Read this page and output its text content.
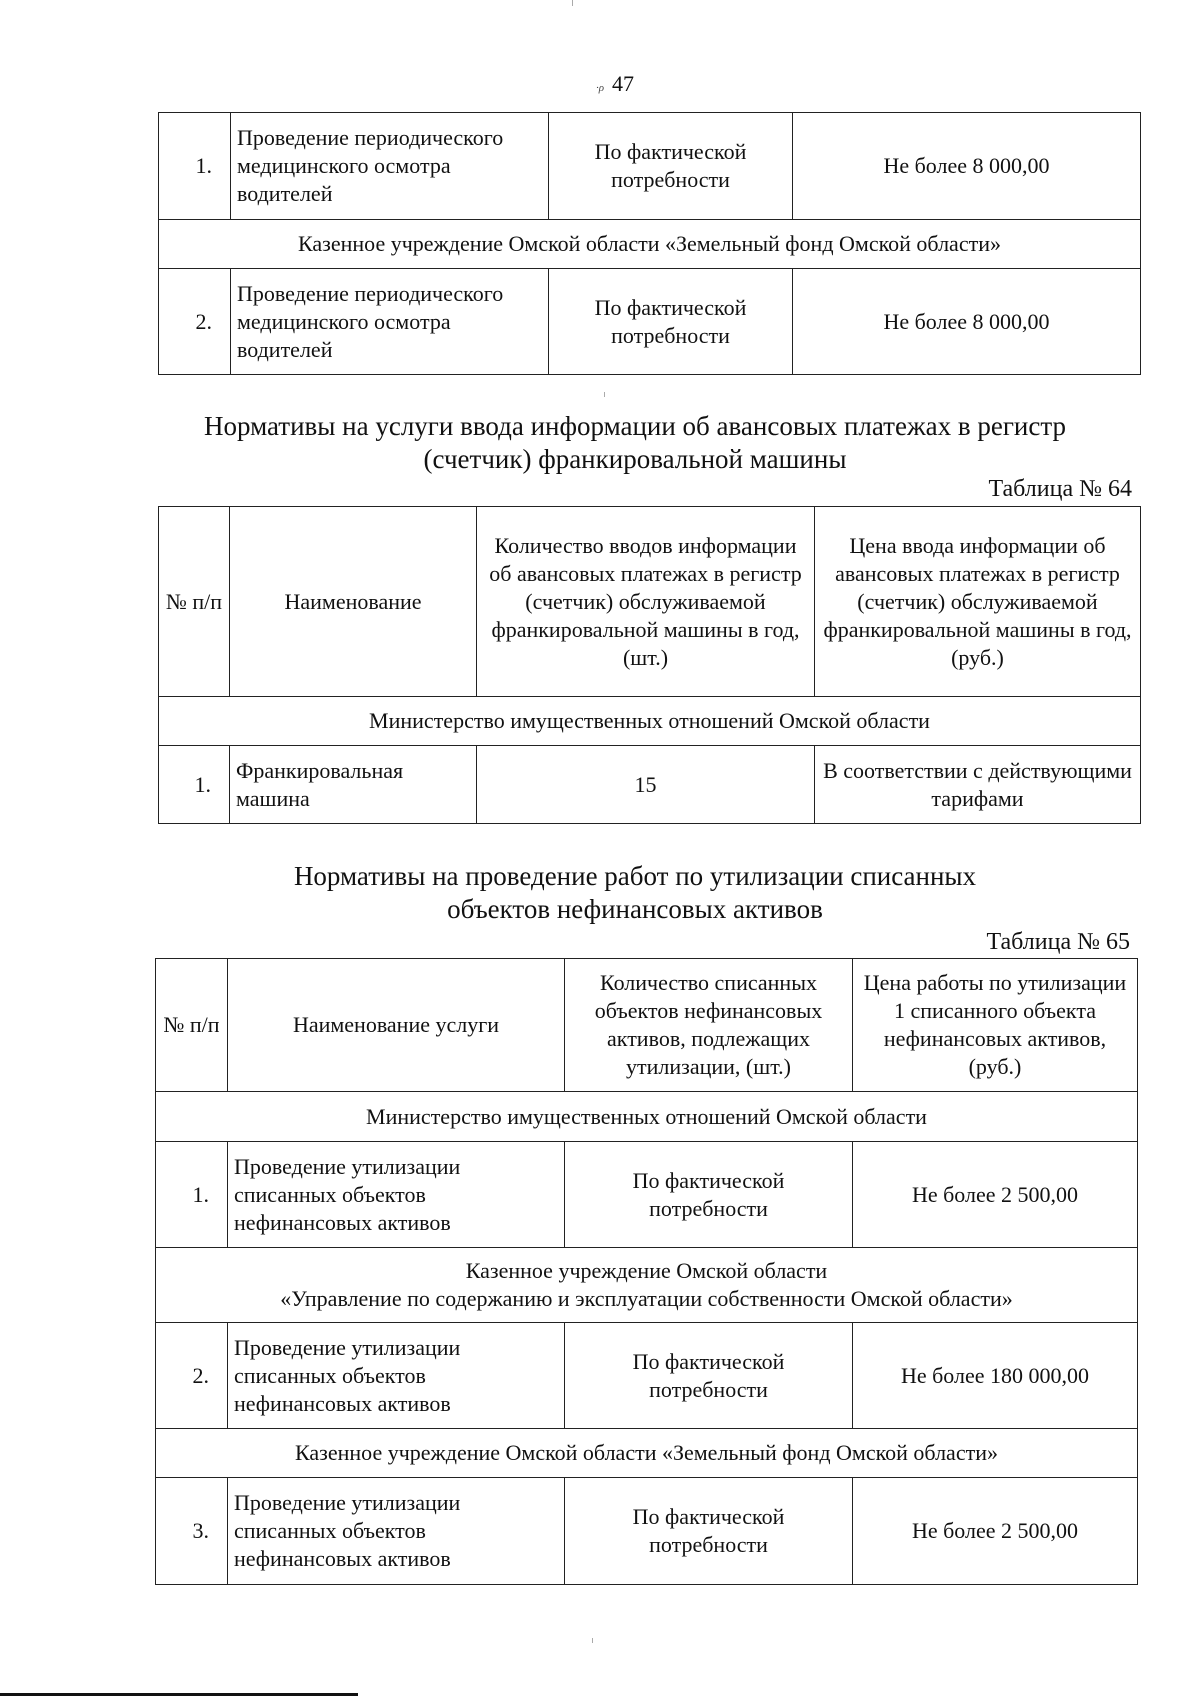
·ρ 47
1.	Проведение периодического медицинского осмотра водителей	По фактической потребности	Не более 8 000,00
Казенное учреждение Омской области «Земельный фонд Омской области»			
2.	Проведение периодического медицинского осмотра водителей	По фактической потребности	Не более 8 000,00
Нормативы на услуги ввода информации об авансовых платежах в регистр
(счетчик) франкировальной машины
Таблица № 64
№ п/п	Наименование	Количество вводов информации об авансовых платежах в регистр (счетчик) обслуживаемой франкировальной машины в год, (шт.)	Цена ввода информации об авансовых платежах в регистр (счетчик) обслуживаемой франкировальной машины в год, (руб.)
Министерство имущественных отношений Омской области			
1.	Франкировальная машина	15	В соответствии с действующими тарифами
Нормативы на проведение работ по утилизации списанных
объектов нефинансовых активов
Таблица № 65
№ п/п	Наименование услуги	Количество списанных объектов нефинансовых активов, подлежащих утилизации, (шт.)	Цена работы по утилизации 1 списанного объекта нефинансовых активов, (руб.)
Министерство имущественных отношений Омской области			
1.	Проведение утилизации списанных объектов нефинансовых активов	По фактической потребности	Не более 2 500,00

Казенное учреждение Омской области
«Управление по содержанию и эксплуатации собственности Омской области»			

2.	Проведение утилизации списанных объектов нефинансовых активов	По фактической потребности	Не более 180 000,00
Казенное учреждение Омской области «Земельный фонд Омской области»			
3.	Проведение утилизации списанных объектов нефинансовых активов	По фактической потребности	Не более 2 500,00
